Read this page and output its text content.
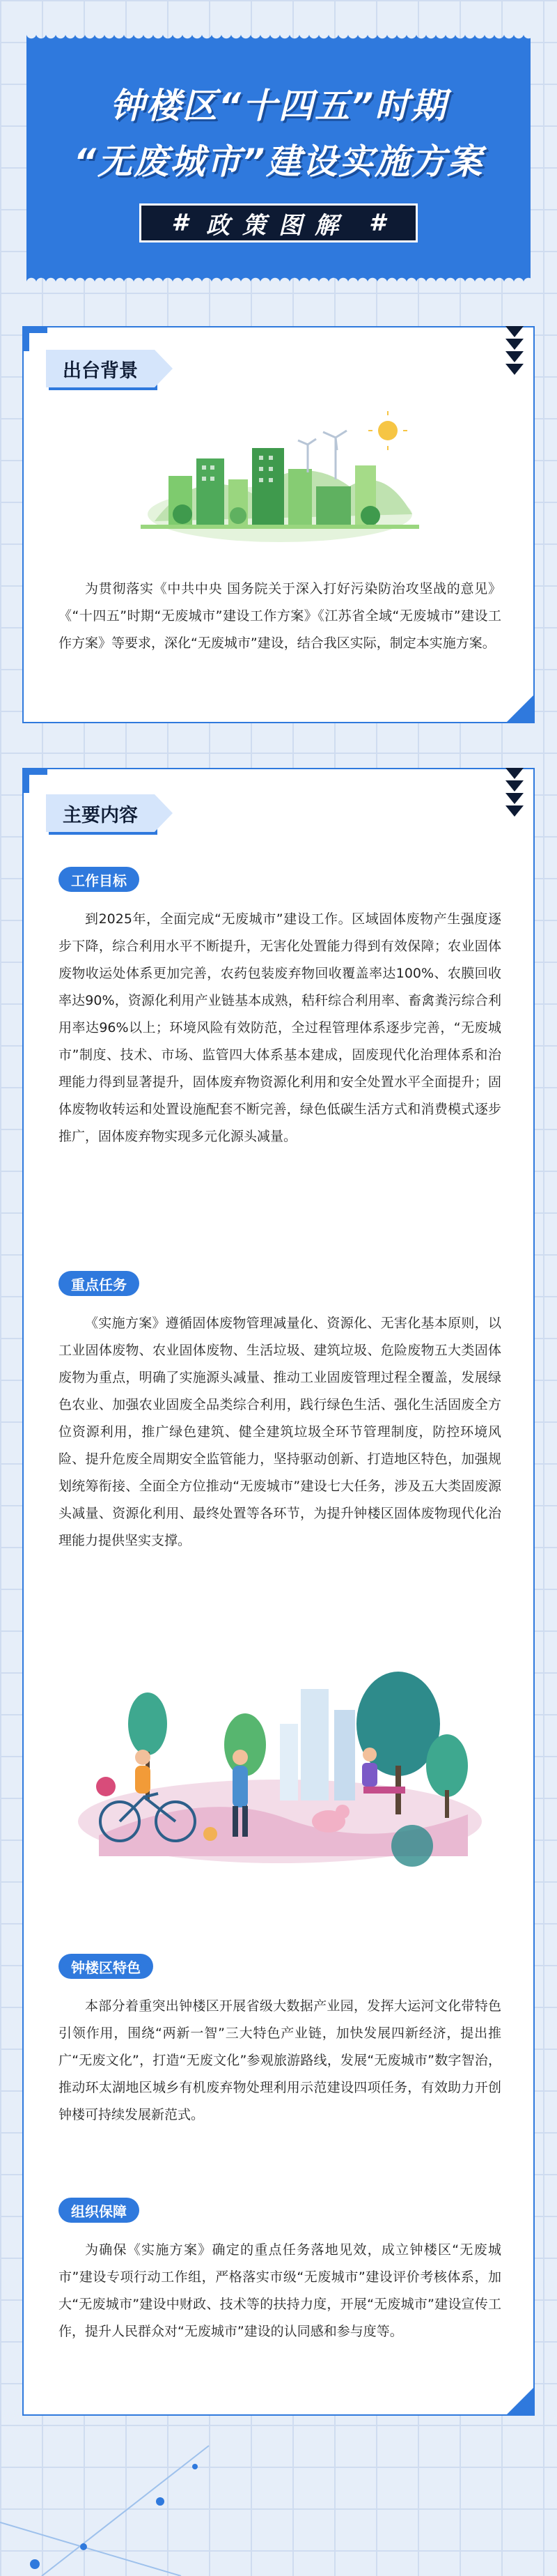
钟楼区“十四五”时期
“无废城市”建设实施方案
# 政策图解 #
出台背景

为贯彻落实《中共中央 国务院关于深入打好污染防治攻坚战的意见》《“十四五”时期“无废城市”建设工作方案》《江苏省全域“无废城市”建设工作方案》等要求，深化“无废城市”建设，结合我区实际，制定本实施方案。

主要内容
工作目标

到2025年，全面完成“无废城市”建设工作。区域固体废物产生强度逐步下降，综合利用水平不断提升，无害化处置能力得到有效保障；农业固体废物收运处体系更加完善，农药包装废弃物回收覆盖率达100%、农膜回收率达90%，资源化利用产业链基本成熟，秸秆综合利用率、畜禽粪污综合利用率达96%以上；环境风险有效防范，全过程管理体系逐步完善，“无废城市”制度、技术、市场、监管四大体系基本建成，固废现代化治理体系和治理能力得到显著提升，固体废弃物资源化利用和安全处置水平全面提升；固体废物收转运和处置设施配套不断完善，绿色低碳生活方式和消费模式逐步推广，固体废弃物实现多元化源头减量。

重点任务

《实施方案》遵循固体废物管理减量化、资源化、无害化基本原则，以工业固体废物、农业固体废物、生活垃圾、建筑垃圾、危险废物五大类固体废物为重点，明确了实施源头减量、推动工业固废管理过程全覆盖，发展绿色农业、加强农业固废全品类综合利用，践行绿色生活、强化生活固废全方位资源利用，推广绿色建筑、健全建筑垃圾全环节管理制度，防控环境风险、提升危废全周期安全监管能力，坚持驱动创新、打造地区特色，加强规划统筹衔接、全面全方位推动“无废城市”建设七大任务，涉及五大类固废源头减量、资源化利用、最终处置等各环节，为提升钟楼区固体废物现代化治理能力提供坚实支撑。

钟楼区特色

本部分着重突出钟楼区开展省级大数据产业园，发挥大运河文化带特色引领作用，围绕“两新一智”三大特色产业链，加快发展四新经济，提出推广“无废文化”，打造“无废文化”参观旅游路线，发展“无废城市”数字智治，推动环太湖地区城乡有机废弃物处理利用示范建设四项任务，有效助力开创钟楼可持续发展新范式。

组织保障

为确保《实施方案》确定的重点任务落地见效，成立钟楼区“无废城市”建设专项行动工作组，严格落实市级“无废城市”建设评价考核体系，加大“无废城市”建设中财政、技术等的扶持力度，开展“无废城市”建设宣传工作，提升人民群众对“无废城市”建设的认同感和参与度等。
